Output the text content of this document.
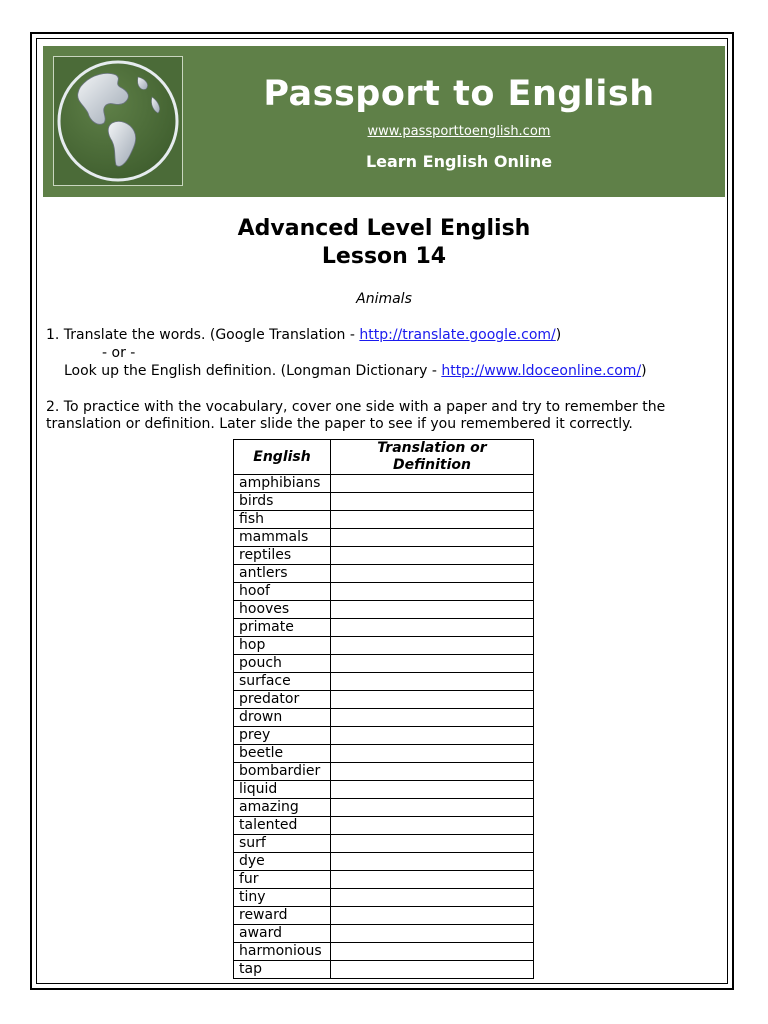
Passport to English
www.passporttoenglish.com
Learn English Online
Advanced Level English
Lesson 14
Animals
1. Translate the words. (Google Translation - http://translate.google.com/)
- or -
Look up the English definition. (Longman Dictionary - http://www.ldoceonline.com/)
2. To practice with the vocabulary, cover one side with a paper and try to remember the
translation or definition. Later slide the paper to see if you remembered it correctly.
English	Translation or Definition
amphibians	
birds	
fish	
mammals	
reptiles	
antlers	
hoof	
hooves	
primate	
hop	
pouch	
surface	
predator	
drown	
prey	
beetle	
bombardier	
liquid	
amazing	
talented	
surf	
dye	
fur	
tiny	
reward	
award	
harmonious	
tap	
